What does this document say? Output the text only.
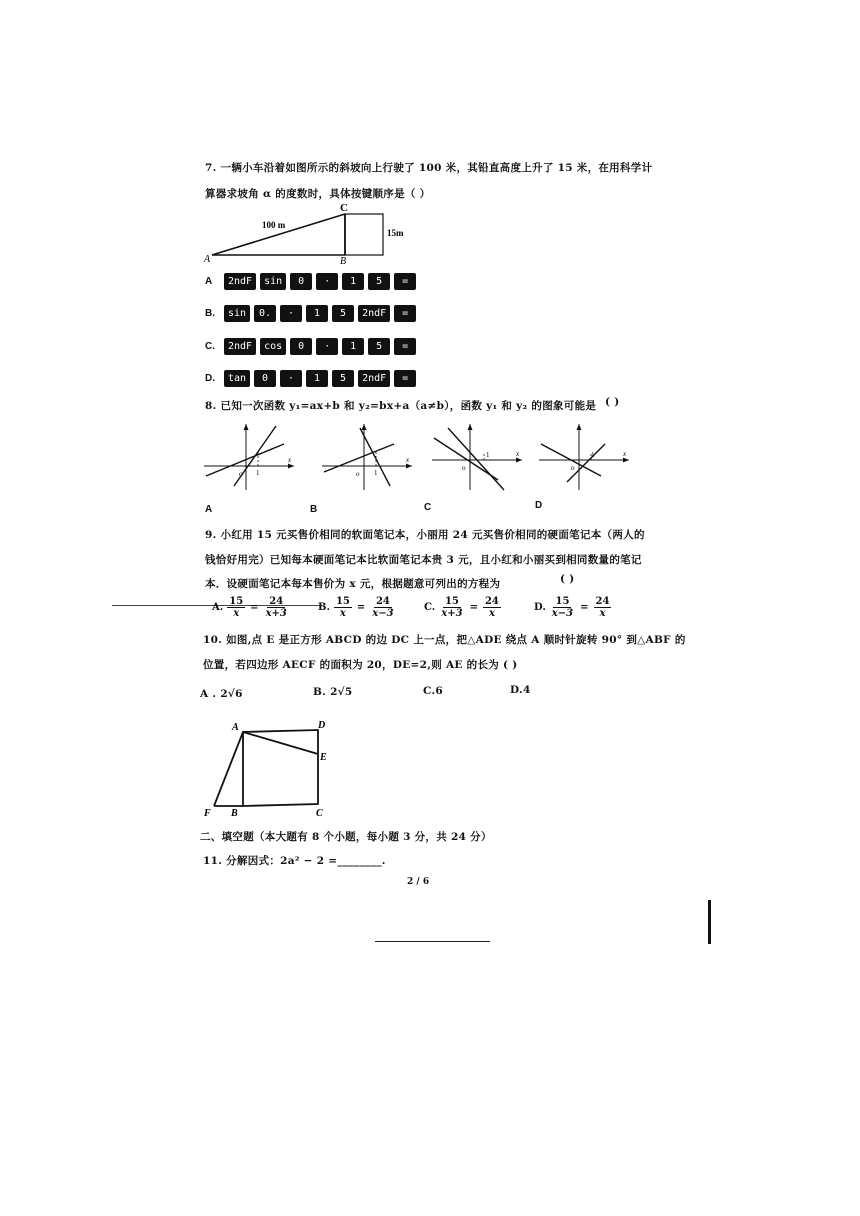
7. 一辆小车沿着如图所示的斜坡向上行驶了 100 米，其铅直高度上升了 15 米，在用科学计
算器求坡角 α 的度数时，具体按键顺序是（ ）
A	B
C
100 m
15m
A	2ndF	sin	0	·	1	5	=
B.	sin	0.	·	1	5	2ndF	=
C.	2ndF	cos	0	·	1	5	=
D.	tan	0	·	1	5	2ndF	=
8. 已知一次函数 y₁=ax+b 和 y₂=bx+a（a≠b），函数 y₁ 和 y₂ 的图象可能是 ( )
o 1
x
o 1
x
o
1	x
o
1	x
A	B	C	D
9. 小红用 15 元买售价相同的软面笔记本，小丽用 24 元买售价相同的硬面笔记本（两人的
钱恰好用完）已知每本硬面笔记本比软面笔记本贵 3 元，且小红和小丽买到相同数量的笔记
本．设硬面笔记本每本售价为 x 元，根据题意可列出的方程为	( )
A. $\frac{15}{x} = \frac{24}{x+3}$	B. $\frac{15}{x} = \frac{24}{x-3}$	C. $\frac{15}{x+3} = \frac{24}{x}$	D. $\frac{15}{x-3} = \frac{24}{x}$
10. 如图,点 E 是正方形 ABCD 的边 DC 上一点，把△ADE 绕点 A 顺时针旋转 90° 到△ABF 的
位置，若四边形 AECF 的面积为 20，DE=2,则 AE 的长为 ( )
A . 2√6	B. 2√5	C.6	D.4
A	D
E
C
B
F
二、填空题（本大题有 8 个小题，每小题 3 分，共 24 分）
11. 分解因式：2a² − 2 =________.
2 / 6
